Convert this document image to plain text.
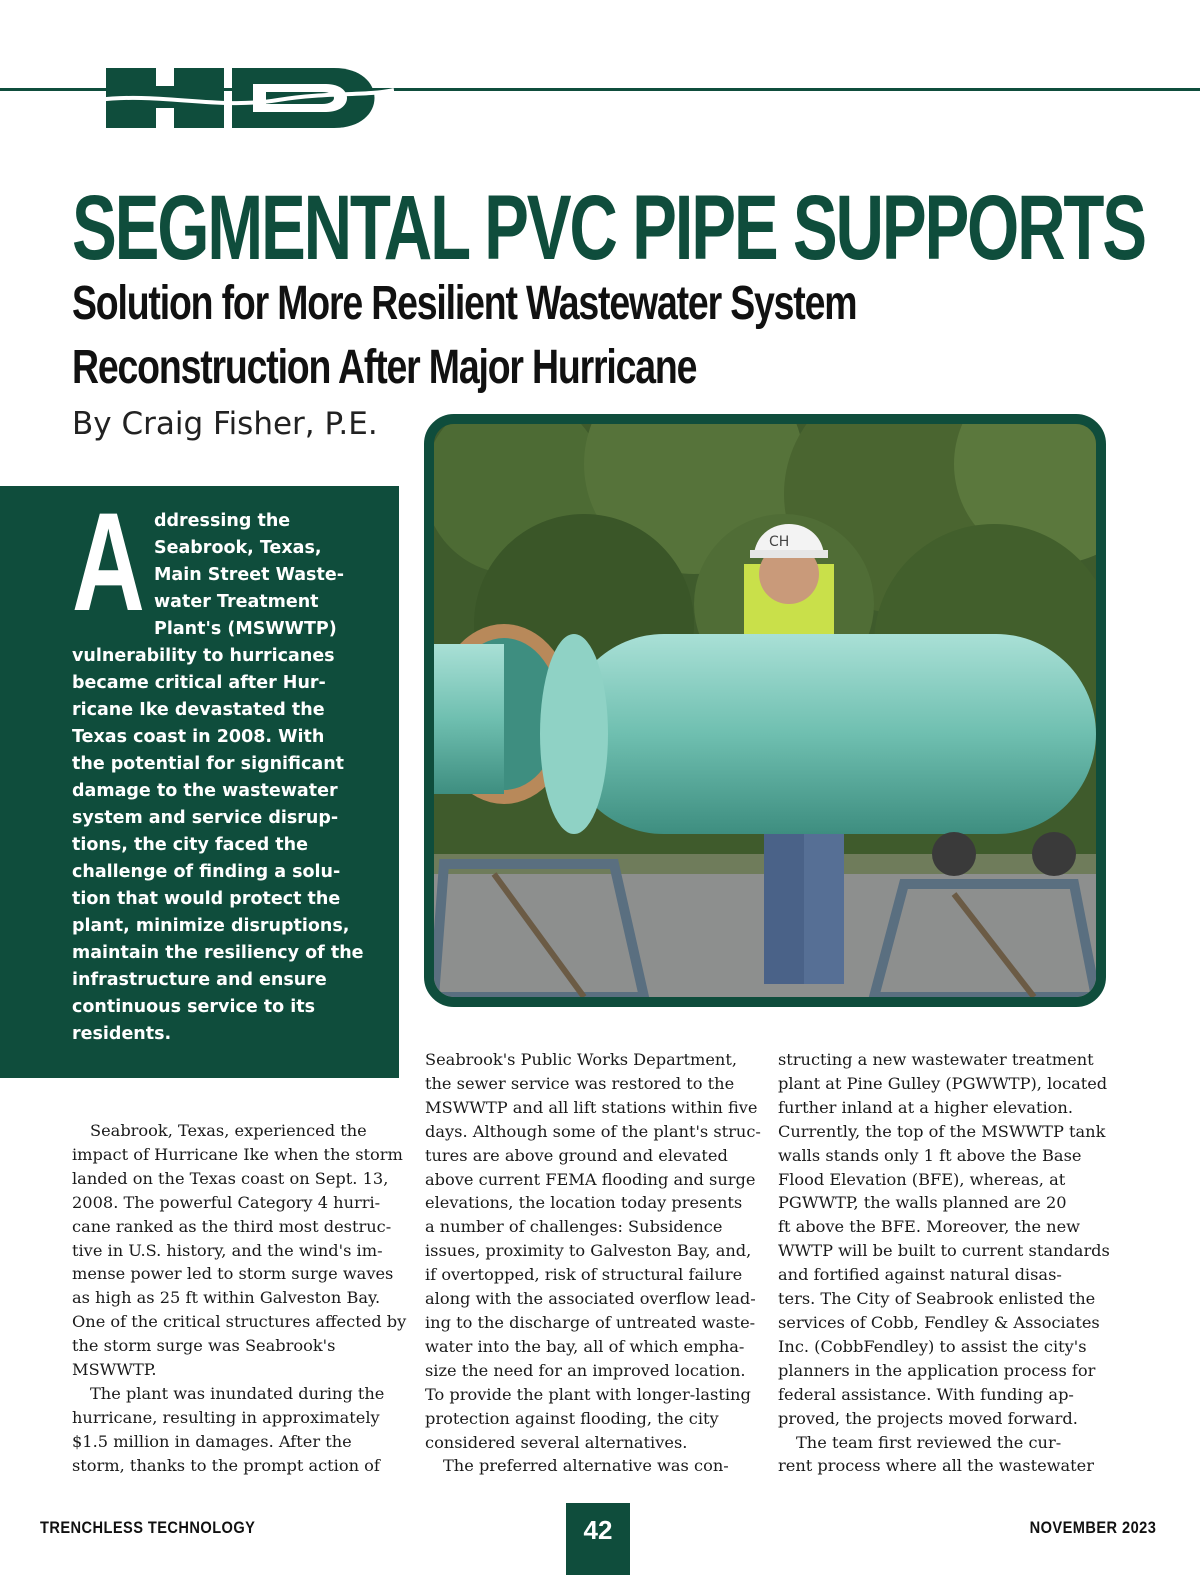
SEGMENTAL PVC PIPE SUPPORTS
Solution for More Resilient Wastewater System
Reconstruction After Major Hurricane
By Craig Fisher, P.E.
CH
A ddressing the
Seabrook, Texas,
Main Street Waste-
water Treatment
Plant's (MSWWTP)
vulnerability to hurricanes
became critical after Hur-
ricane Ike devastated the
Texas coast in 2008. With
the potential for significant
damage to the wastewater
system and service disrup-
tions, the city faced the
challenge of finding a solu-
tion that would protect the
plant, minimize disruptions,
maintain the resiliency of the
infrastructure and ensure
continuous service to its
residents.
Seabrook, Texas, experienced the
impact of Hurricane Ike when the storm
landed on the Texas coast on Sept. 13,
2008. The powerful Category 4 hurri-
cane ranked as the third most destruc-
tive in U.S. history, and the wind's im-
mense power led to storm surge waves
as high as 25 ft within Galveston Bay.
One of the critical structures affected by
the storm surge was Seabrook's
MSWWTP.
The plant was inundated during the
hurricane, resulting in approximately
$1.5 million in damages. After the
storm, thanks to the prompt action of
Seabrook's Public Works Department,
the sewer service was restored to the
MSWWTP and all lift stations within five
days. Although some of the plant's struc-
tures are above ground and elevated
above current FEMA flooding and surge
elevations, the location today presents
a number of challenges: Subsidence
issues, proximity to Galveston Bay, and,
if overtopped, risk of structural failure
along with the associated overflow lead-
ing to the discharge of untreated waste-
water into the bay, all of which empha-
size the need for an improved location.
To provide the plant with longer-lasting
protection against flooding, the city
considered several alternatives.
The preferred alternative was con-
structing a new wastewater treatment
plant at Pine Gulley (PGWWTP), located
further inland at a higher elevation.
Currently, the top of the MSWWTP tank
walls stands only 1 ft above the Base
Flood Elevation (BFE), whereas, at
PGWWTP, the walls planned are 20
ft above the BFE. Moreover, the new
WWTP will be built to current standards
and fortified against natural disas-
ters. The City of Seabrook enlisted the
services of Cobb, Fendley & Associates
Inc. (CobbFendley) to assist the city's
planners in the application process for
federal assistance. With funding ap-
proved, the projects moved forward.
The team first reviewed the cur-
rent process where all the wastewater
TRENCHLESS TECHNOLOGY	42	NOVEMBER 2023
